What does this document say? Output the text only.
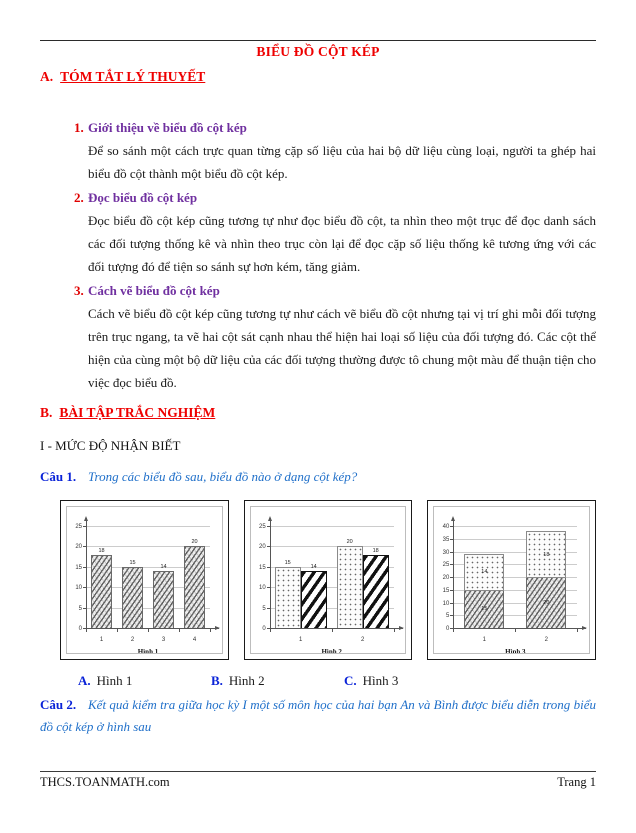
BIỂU ĐỒ CỘT KÉP
A. TÓM TẮT LÝ THUYẾT
1. Giới thiệu về biểu đồ cột kép
Để so sánh một cách trực quan từng cặp số liệu của hai bộ dữ liệu cùng loại, người ta ghép hai biểu đồ cột thành một biểu đồ cột kép.
2. Đọc biểu đồ cột kép
Đọc biểu đồ cột kép cũng tương tự như đọc biểu đồ cột, ta nhìn theo một trục để đọc danh sách các đối tượng thống kê và nhìn theo trục còn lại để đọc cặp số liệu thống kê tương ứng với các đối tượng đó để tiện so sánh sự hơn kém, tăng giảm.
3. Cách vẽ biểu đồ cột kép
Cách vẽ biểu đồ cột kép cũng tương tự như cách vẽ biểu đồ cột nhưng tại vị trí ghi mỗi đối tượng trên trục ngang, ta vẽ hai cột sát cạnh nhau thể hiện hai loại số liệu của đối tượng đó. Các cột thể hiện của cùng một bộ dữ liệu của các đối tượng thường được tô chung một màu để thuận tiện cho việc đọc biểu đồ.
B. BÀI TẬP TRẮC NGHIỆM
I - MỨC ĐỘ NHẬN BIẾT
Câu 1. Trong các biểu đồ sau, biểu đồ nào ở dạng cột kép?
0
5
10
15
20
25
18
15
14
20
1	2	3	4
Hình 1
0
5
10
15
20
25
15
14
20
18
1	2
Hình 2
0
5
10
15
20
25
30
35
40
15
14
20
18
1	2
Hình 3
A. Hình 1	B. Hình 2	C. Hình 3
Câu 2. Kết quả kiểm tra giữa học kỳ I một số môn học của hai bạn An và Bình được biểu diễn trong biểu đồ cột kép ở hình sau
THCS.TOANMATH.com	Trang 1
